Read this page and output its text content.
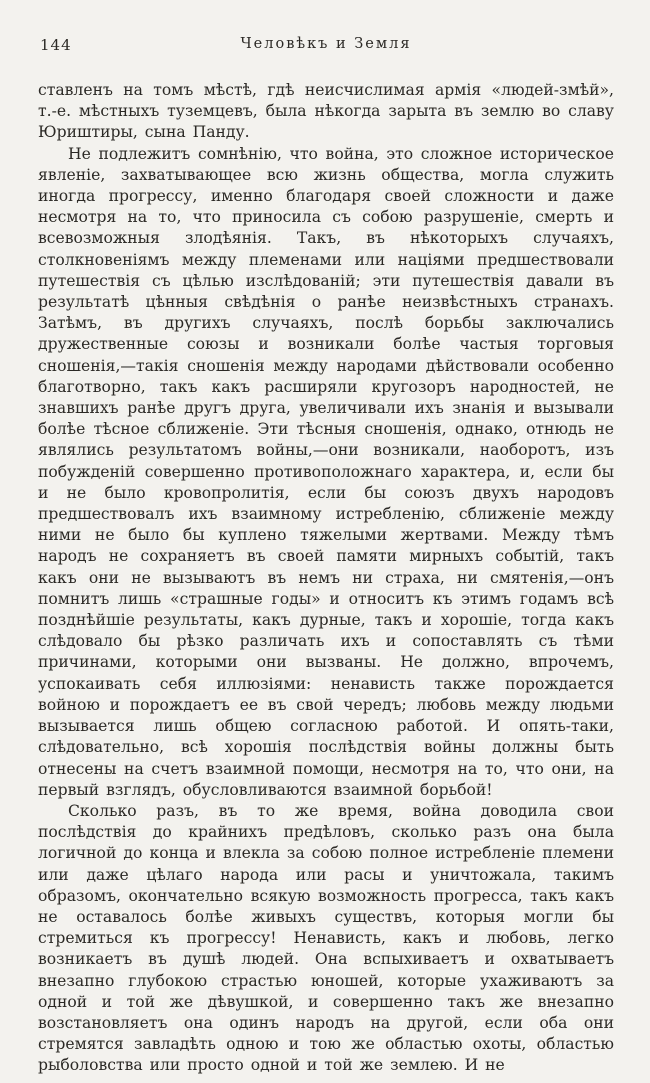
144	Человѣкъ и Земля

ставленъ на томъ мѣстѣ, гдѣ неисчислимая армія «людей-змѣй», т.-е. мѣстныхъ туземцевъ, была нѣкогда зарыта въ землю во славу Юриштиры, сына Панду.

Не подлежитъ сомнѣнію, что война, это сложное историческое явленіе, захватывающее всю жизнь общества, могла служить иногда прогрессу, именно благодаря своей сложности и даже несмотря на то, что приносила съ собою разрушеніе, смерть и всевозможныя злодѣянія. Такъ, въ нѣкоторыхъ случаяхъ, столкновеніямъ между племенами или націями предшествовали путешествія съ цѣлью изслѣдованій; эти путешествія давали въ результатѣ цѣнныя свѣдѣнія о ранѣе неизвѣстныхъ странахъ. Затѣмъ, въ другихъ случаяхъ, послѣ борьбы заключались дружественные союзы и возникали болѣе частыя торговыя сношенія,—такія сношенія между народами дѣйствовали особенно благотворно, такъ какъ расширяли кругозоръ народностей, не знавшихъ ранѣе другъ друга, увеличивали ихъ знанія и вызывали болѣе тѣсное сближеніе. Эти тѣсныя сношенія, однако, отнюдь не являлись результатомъ войны,—они возникали, наоборотъ, изъ побужденій совершенно противоположнаго характера, и, если бы и не было кровопролитія, если бы союзъ двухъ народовъ предшествовалъ ихъ взаимному истребленію, сближеніе между ними не было бы куплено тяжелыми жертвами. Между тѣмъ народъ не сохраняетъ въ своей памяти мирныхъ событій, такъ какъ они не вызываютъ въ немъ ни страха, ни смятенія,—онъ помнитъ лишь «страшные годы» и относитъ къ этимъ годамъ всѣ позднѣйшіе результаты, какъ дурные, такъ и хорошіе, тогда какъ слѣдовало бы рѣзко различать ихъ и сопоставлять съ тѣми причинами, которыми они вызваны. Не должно, впрочемъ, успокаивать себя иллюзіями: ненависть также порождается войною и порождаетъ ее въ свой чередъ; любовь между людьми вызывается лишь общею согласною работой. И опять-таки, слѣдовательно, всѣ хорошія послѣдствія войны должны быть отнесены на счетъ взаимной помощи, несмотря на то, что они, на первый взглядъ, обусловливаются взаимной борьбой!

Сколько разъ, въ то же время, война доводила свои послѣдствія до крайнихъ предѣловъ, сколько разъ она была логичной до конца и влекла за собою полное истребленіе племени или даже цѣлаго народа или расы и уничтожала, такимъ образомъ, окончательно всякую возможность прогресса, такъ какъ не оставалось болѣе живыхъ существъ, которыя могли бы стремиться къ прогрессу! Ненависть, какъ и любовь, легко возникаетъ въ душѣ людей. Она вспыхиваетъ и охватываетъ внезапно глубокою страстью юношей, которые ухаживаютъ за одной и той же дѣвушкой, и совершенно такъ же внезапно возстановляетъ она одинъ народъ на другой, если оба они стремятся завладѣть одною и тою же областью охоты, областью рыболовства или просто одной и той же землею. И не
